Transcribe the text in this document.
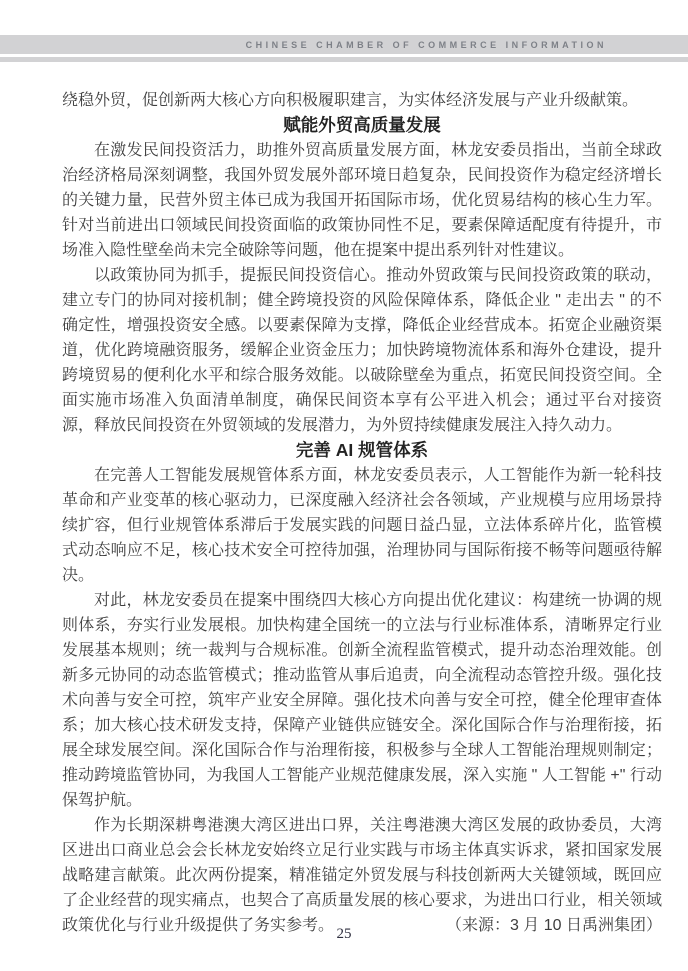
CHINESE CHAMBER OF COMMERCE INFORMATION

绕稳外贸，促创新两大核心方向积极履职建言，为实体经济发展与产业升级献策。

赋能外贸高质量发展

在激发民间投资活力，助推外贸高质量发展方面，林龙安委员指出，当前全球政治经济格局深刻调整，我国外贸发展外部环境日趋复杂，民间投资作为稳定经济增长的关键力量，民营外贸主体已成为我国开拓国际市场，优化贸易结构的核心生力军。针对当前进出口领域民间投资面临的政策协同性不足，要素保障适配度有待提升，市场准入隐性壁垒尚未完全破除等问题，他在提案中提出系列针对性建议。

以政策协同为抓手，提振民间投资信心。推动外贸政策与民间投资政策的联动，建立专门的协同对接机制；健全跨境投资的风险保障体系，降低企业 " 走出去 " 的不确定性，增强投资安全感。以要素保障为支撑，降低企业经营成本。拓宽企业融资渠道，优化跨境融资服务，缓解企业资金压力；加快跨境物流体系和海外仓建设，提升跨境贸易的便利化水平和综合服务效能。以破除壁垒为重点，拓宽民间投资空间。全面实施市场准入负面清单制度，确保民间资本享有公平进入机会；通过平台对接资源，释放民间投资在外贸领域的发展潜力，为外贸持续健康发展注入持久动力。

完善 AI 规管体系

在完善人工智能发展规管体系方面，林龙安委员表示，人工智能作为新一轮科技革命和产业变革的核心驱动力，已深度融入经济社会各领域，产业规模与应用场景持续扩容，但行业规管体系滞后于发展实践的问题日益凸显，立法体系碎片化，监管模式动态响应不足，核心技术安全可控待加强，治理协同与国际衔接不畅等问题亟待解决。

对此，林龙安委员在提案中围绕四大核心方向提出优化建议：构建统一协调的规则体系，夯实行业发展根。加快构建全国统一的立法与行业标准体系，清晰界定行业发展基本规则；统一裁判与合规标准。创新全流程监管模式，提升动态治理效能。创新多元协同的动态监管模式；推动监管从事后追责，向全流程动态管控升级。强化技术向善与安全可控，筑牢产业安全屏障。强化技术向善与安全可控，健全伦理审查体系；加大核心技术研发支持，保障产业链供应链安全。深化国际合作与治理衔接，拓展全球发展空间。深化国际合作与治理衔接，积极参与全球人工智能治理规则制定；推动跨境监管协同，为我国人工智能产业规范健康发展，深入实施 " 人工智能 +" 行动保驾护航。

作为长期深耕粤港澳大湾区进出口界，关注粤港澳大湾区发展的政协委员，大湾区进出口商业总会会长林龙安始终立足行业实践与市场主体真实诉求，紧扣国家发展战略建言献策。此次两份提案，精准锚定外贸发展与科技创新两大关键领域，既回应了企业经营的现实痛点，也契合了高质量发展的核心要求，为进出口行业，相关领域政策优化与行业升级提供了务实参考。	（来源：3 月 10 日禹洲集团）
25
